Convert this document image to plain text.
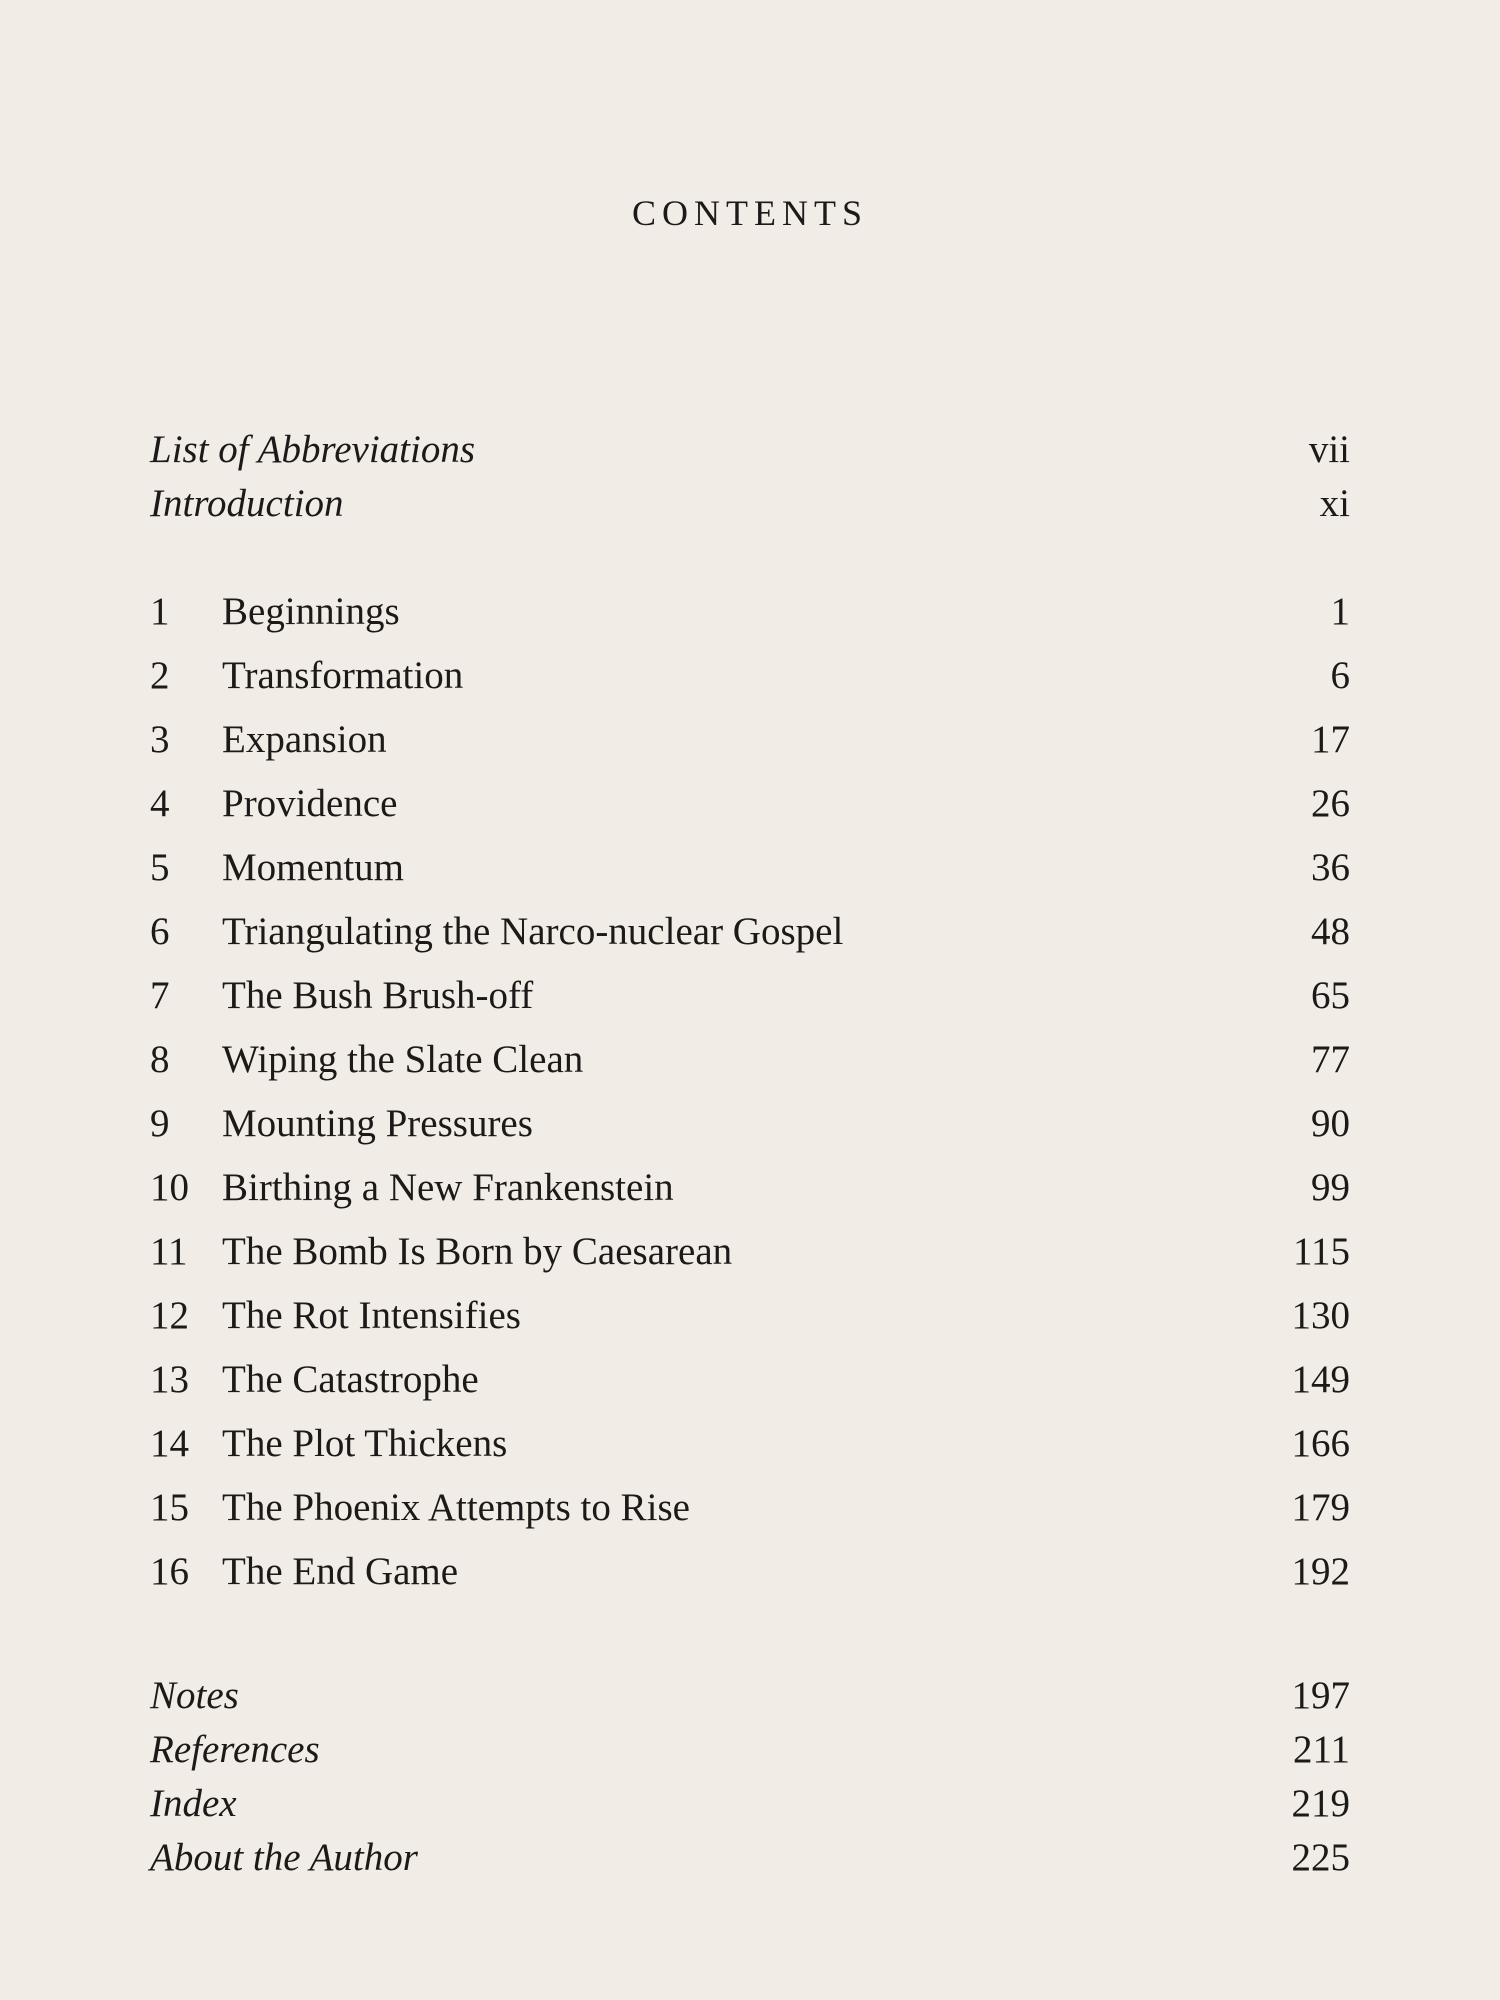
CONTENTS
List of Abbreviations	vii
Introduction	xi
1	Beginnings	1
2	Transformation	6
3	Expansion	17
4	Providence	26
5	Momentum	36
6	Triangulating the Narco-nuclear Gospel	48
7	The Bush Brush-off	65
8	Wiping the Slate Clean	77
9	Mounting Pressures	90
10 Birthing a New Frankenstein	99
11 The Bomb Is Born by Caesarean	115
12 The Rot Intensifies	130
13 The Catastrophe	149
14 The Plot Thickens	166
15 The Phoenix Attempts to Rise	179
16 The End Game	192
Notes	197
References	211
Index	219
About the Author	225
